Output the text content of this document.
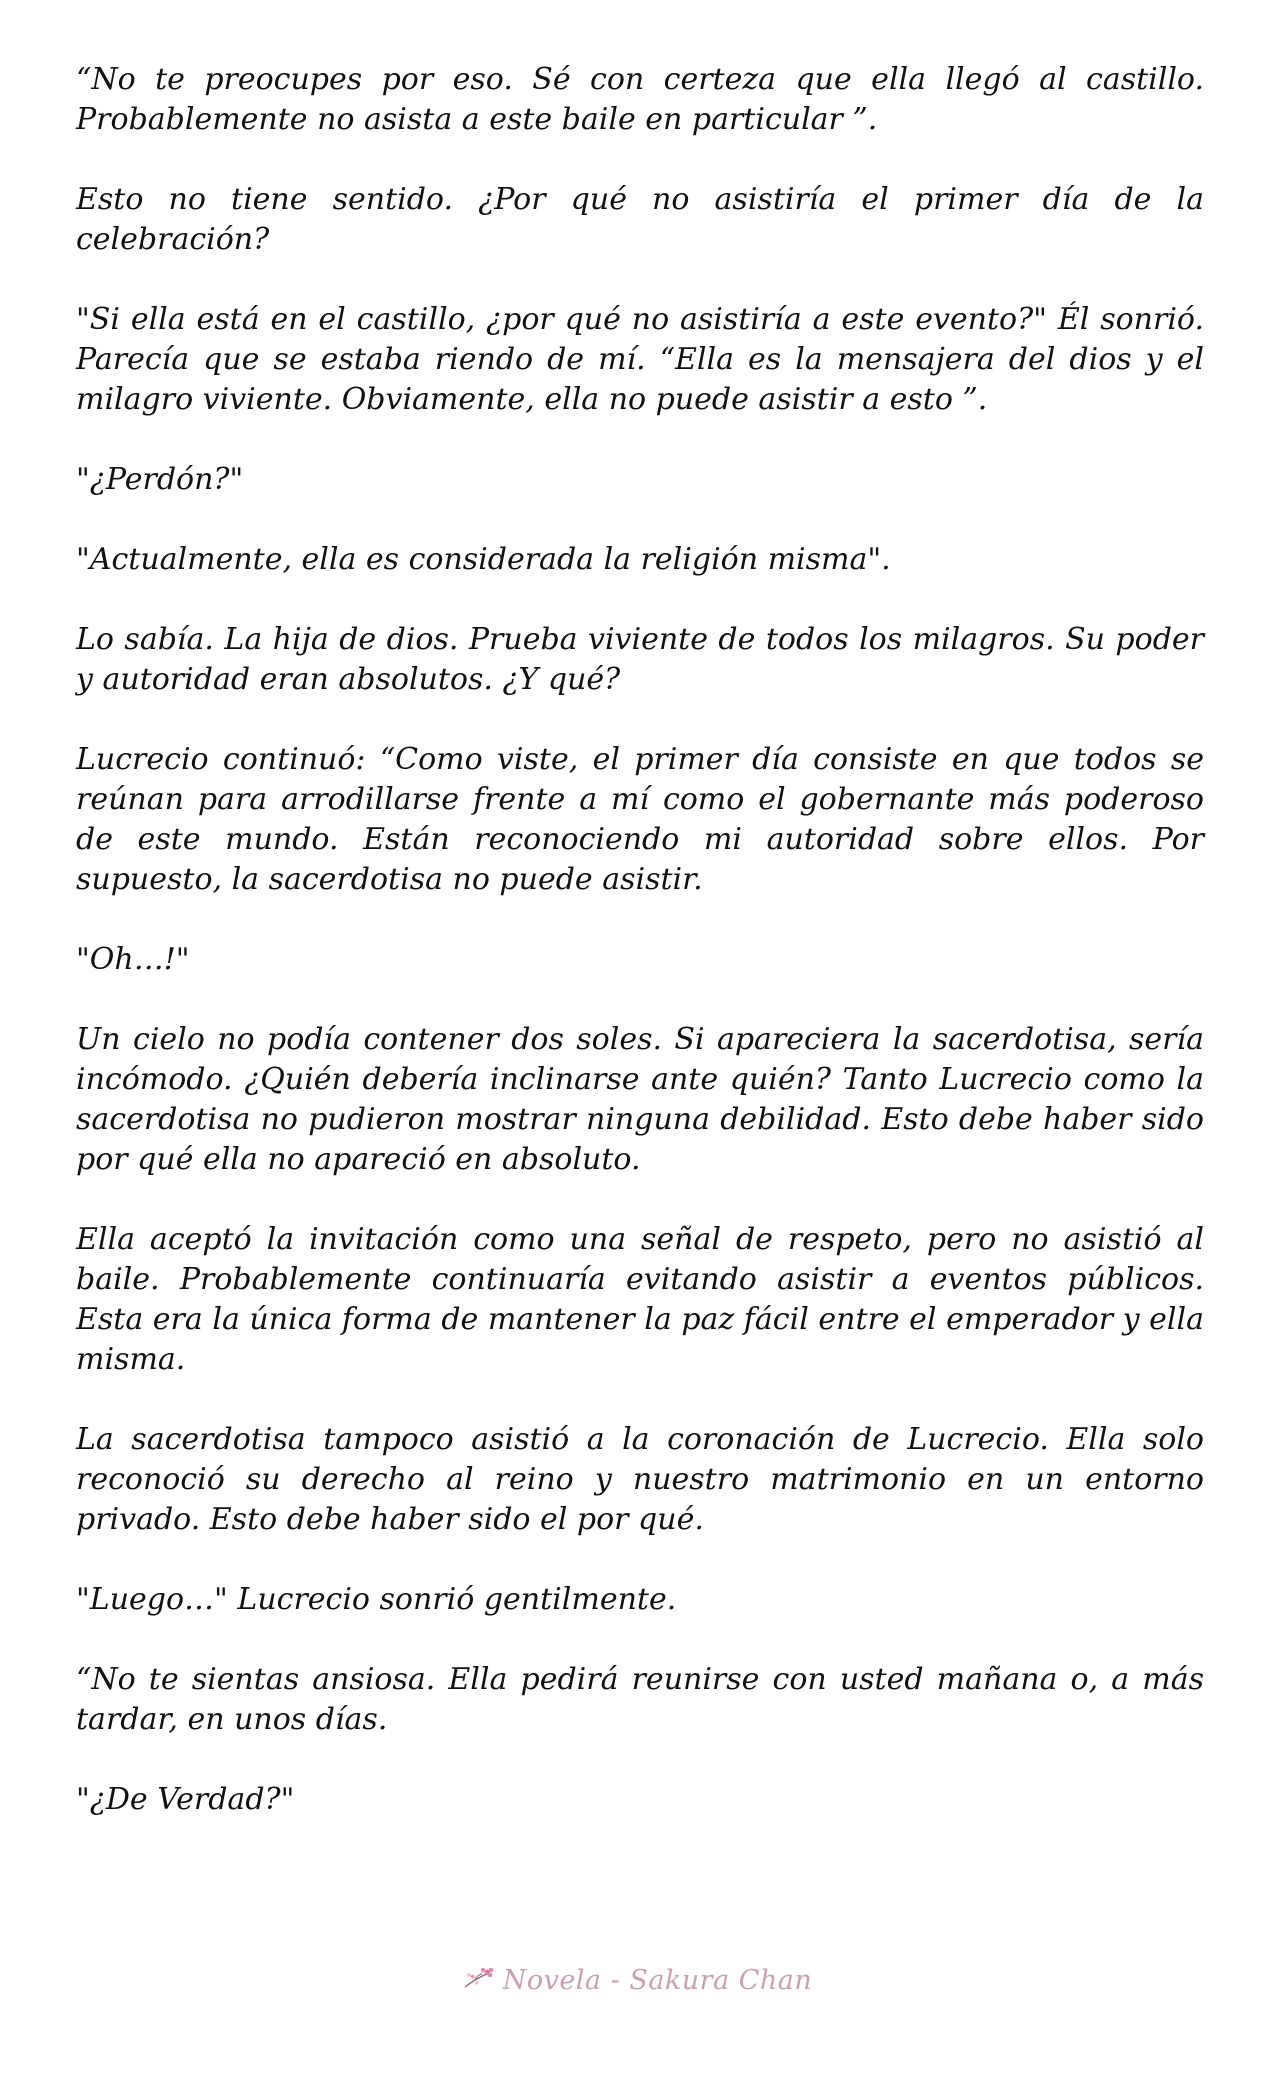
“No te preocupes por eso. Sé con certeza que ella llegó al castillo. Probablemente no asista a este baile en particular ”.

Esto no tiene sentido. ¿Por qué no asistiría el primer día de la celebración?

"Si ella está en el castillo, ¿por qué no asistiría a este evento?" Él sonrió. Parecía que se estaba riendo de mí. “Ella es la mensajera del dios y el milagro viviente. Obviamente, ella no puede asistir a esto ”.

"¿Perdón?"

"Actualmente, ella es considerada la religión misma".

Lo sabía. La hija de dios. Prueba viviente de todos los milagros. Su poder y autoridad eran absolutos. ¿Y qué?

Lucrecio continuó: “Como viste, el primer día consiste en que todos se reúnan para arrodillarse frente a mí como el gobernante más poderoso de este mundo. Están reconociendo mi autoridad sobre ellos. Por supuesto, la sacerdotisa no puede asistir.

"Oh…!"

Un cielo no podía contener dos soles. Si apareciera la sacerdotisa, sería incómodo. ¿Quién debería inclinarse ante quién? Tanto Lucrecio como la sacerdotisa no pudieron mostrar ninguna debilidad. Esto debe haber sido por qué ella no apareció en absoluto.

Ella aceptó la invitación como una señal de respeto, pero no asistió al baile. Probablemente continuaría evitando asistir a eventos públicos. Esta era la única forma de mantener la paz fácil entre el emperador y ella misma.

La sacerdotisa tampoco asistió a la coronación de Lucrecio. Ella solo reconoció su derecho al reino y nuestro matrimonio en un entorno privado. Esto debe haber sido el por qué.

"Luego…" Lucrecio sonrió gentilmente.

“No te sientas ansiosa. Ella pedirá reunirse con usted mañana o, a más tardar, en unos días.

"¿De Verdad?"

Novela - Sakura Chan
